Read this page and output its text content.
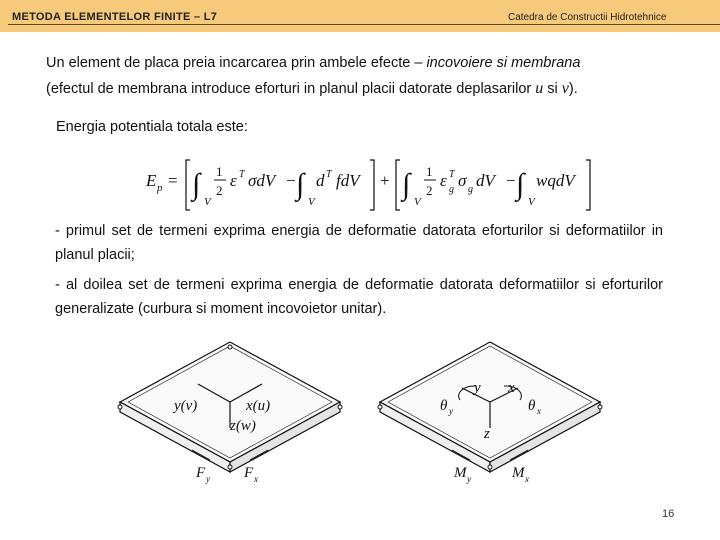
METODA ELEMENTELOR FINITE – L7	Catedra de Constructii Hidrotehnice
Un element de placa preia incarcarea prin ambele efecte – incovoiere si membrana
(efectul de membrana introduce eforturi in planul placii datorate deplasarilor u si v).
Energia potentiala totala este:
E p = ∫
V
1
2
ε T σdV − ∫
V
d T fdV + ∫
V
1
2
ε T
g σ g dV − ∫
V
wqdV
- primul set de termeni exprima energia de deformatie datorata eforturilor si deformatiilor in planul placii;
- al doilea set de termeni exprima energia de deformatie datorata deformatiilor si eforturilor generalizate (curbura si moment incovoietor unitar).
y(v)	x(u)
z(w)
F y F x
y x
z
θ y	θ x
M y	M x
16
